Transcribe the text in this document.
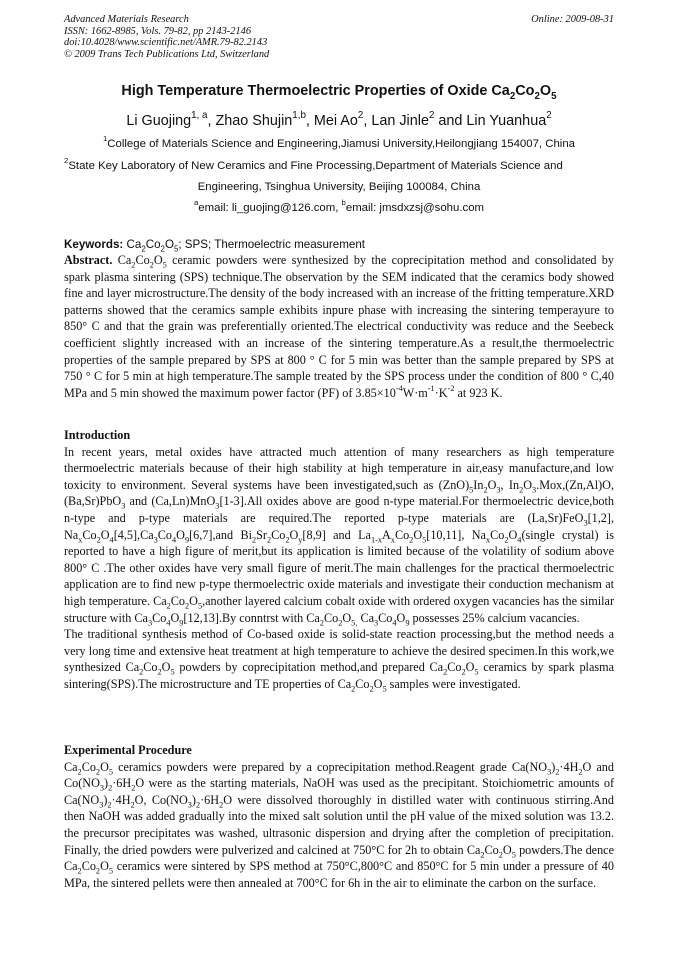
Advanced Materials Research
ISSN: 1662-8985, Vols. 79-82, pp 2143-2146
doi:10.4028/www.scientific.net/AMR.79-82.2143
© 2009 Trans Tech Publications Ltd, Switzerland
Online: 2009-08-31
High Temperature Thermoelectric Properties of Oxide $Ca_2Co_2O_5$
Li Guojing$^{1, a}$, Zhao Shujin$^{1,b}$, Mei Ao$^2$, Lan Jinle$^2$ and Lin Yuanhua$^2$
$^1$College of Materials Science and Engineering,Jiamusi University,Heilongjiang 154007, China
$^2$State Key Laboratory of New Ceramics and Fine Processing,Department of Materials Science and
Engineering, Tsinghua University, Beijing 100084, China
$^a$email: li_guojing@126.com, $^b$email: jmsdxzsj@sohu.com
Keywords: $Ca_2Co_2O_5$; SPS; Thermoelectric measurement

Abstract. $Ca_2Co_2O_5$ ceramic powders were synthesized by the coprecipitation method and consolidated by spark plasma sintering (SPS) technique.The observation by the SEM indicated that the ceramics body showed fine and layer microstructure.The density of the body increased with an increase of the fritting temperature.XRD patterns showed that the ceramics sample exhibits inpure phase with increasing the sintering temperayure to 850° C and that the grain was preferentially oriented.The electrical conductivity was reduce and the Seebeck coefficient slightly increased with an increase of the sintering temperature.As a result,the thermoelectric properties of the sample prepared by SPS at 800 ° C for 5 min was better than the sample prepared by SPS at 750 ° C for 5 min at high temperature.The sample treated by the SPS process under the condition of 800 ° C,40 MPa and 5 min showed the maximum power factor (PF) of $3.85\times 10^{-4}W\cdot m^{-1}\cdot K^{-2}$ at 923 K.

Introduction

In recent years, metal oxides have attracted much attention of many researchers as high temperature thermoelectric materials because of their high stability at high temperature in air,easy manufacture,and low toxicity to environment. Several systems have been investigated,such as $(ZnO)_5In_2O_3$, $In_2O_3.Mox,(Zn,Al)O,(Ba,Sr)PbO_3$ and (Ca,Ln)MnO$_3$[1-3].All oxides above are good n-type material.For thermoelectric device,both n-type and p-type materials are required.The reported p-type materials are (La,Sr)FeO$_3$[1,2], $Na_xCo_2O_4[4,5],Ca_3Co_4O_9[6,7],and$ $Bi_2Sr_2Co_2O_y[8,9]$ and $La_{1-x}A_xCo_2O_5[10,11]$, $Na_xCo_2O_4(single$ crystal) is reported to have a high figure of merit,but its application is limited because of the volatility of sodium above 800° C .The other oxides have very small figure of merit.The main challenges for the practical thermoelectric application are to find new p-type thermoelectric oxide materials and investigate their conduction mechanism at high temperature. $Ca_2Co_2O_5,another$ layered calcium cobalt oxide with ordered oxygen vacancies has the similar structure with $Ca_3Co_4O_9[12,13].By$ conntrst with $Ca_2Co_2O_{5,}$ $Ca_3Co_4O_9$ possesses 25% calcium vacancies.

The traditional synthesis method of Co-based oxide is solid-state reaction processing,but the method needs a very long time and extensive heat treatment at high temperature to achieve the desired specimen.In this work,we synthesized $Ca_2Co_2O_5$ powders by coprecipitation method,and prepared $Ca_2Co_2O_5$ ceramics by spark plasma sintering(SPS).The microstructure and TE properties of $Ca_2Co_2O_5$ samples were investigated.

Experimental Procedure

$Ca_2Co_2O_5$ ceramics powders were prepared by a coprecipitation method.Reagent grade $Ca(NO_3)_2\cdot 4H_2O$ and $Co(NO_3)_2\cdot 6H_2O$ were as the starting materials, NaOH was used as the precipitant. Stoichiometric amounts of $Ca(NO_3)_2\cdot 4H_2O$, $Co(NO_3)_2\cdot 6H_2O$ were dissolved thoroughly in distilled water with continuous stirring.And then NaOH was added gradually into the mixed salt solution until the pH value of the mixed solution was 13.2. the precursor precipitates was washed, ultrasonic dispersion and drying after the completion of precipitation. Finally, the dried powders were pulverized and calcined at 750°C for 2h to obtain $Ca_2Co_2O_5$ powders.The dence $Ca_2Co_2O_5$ ceramics were sintered by SPS method at 750°C,800°C and 850°C for 5 min under a pressure of 40 MPa, the sintered pellets were then annealed at 700°C for 6h in the air to eliminate the carbon on the surface.
